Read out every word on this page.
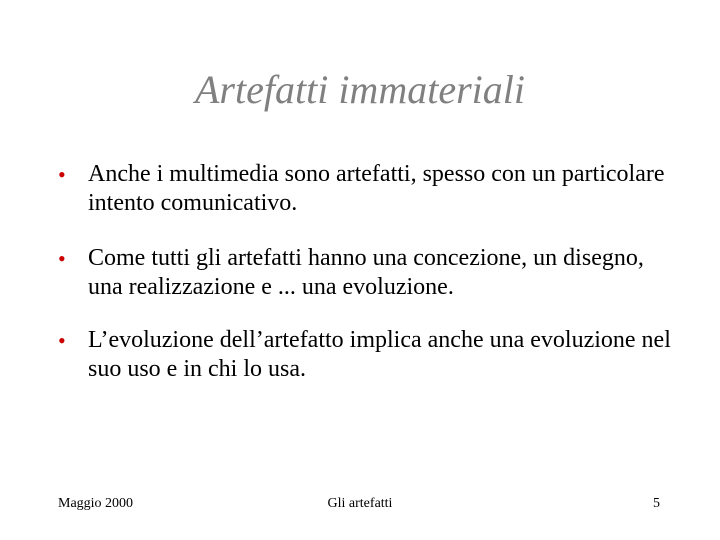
Artefatti immateriali
• Anche i multimedia sono artefatti, spesso con un particolare intento comunicativo.
• Come tutti gli artefatti hanno una concezione, un disegno, una realizzazione e ... una evoluzione.
• L’evoluzione dell’artefatto implica anche una evoluzione nel suo uso e in chi lo usa.
Maggio 2000	Gli artefatti	5
